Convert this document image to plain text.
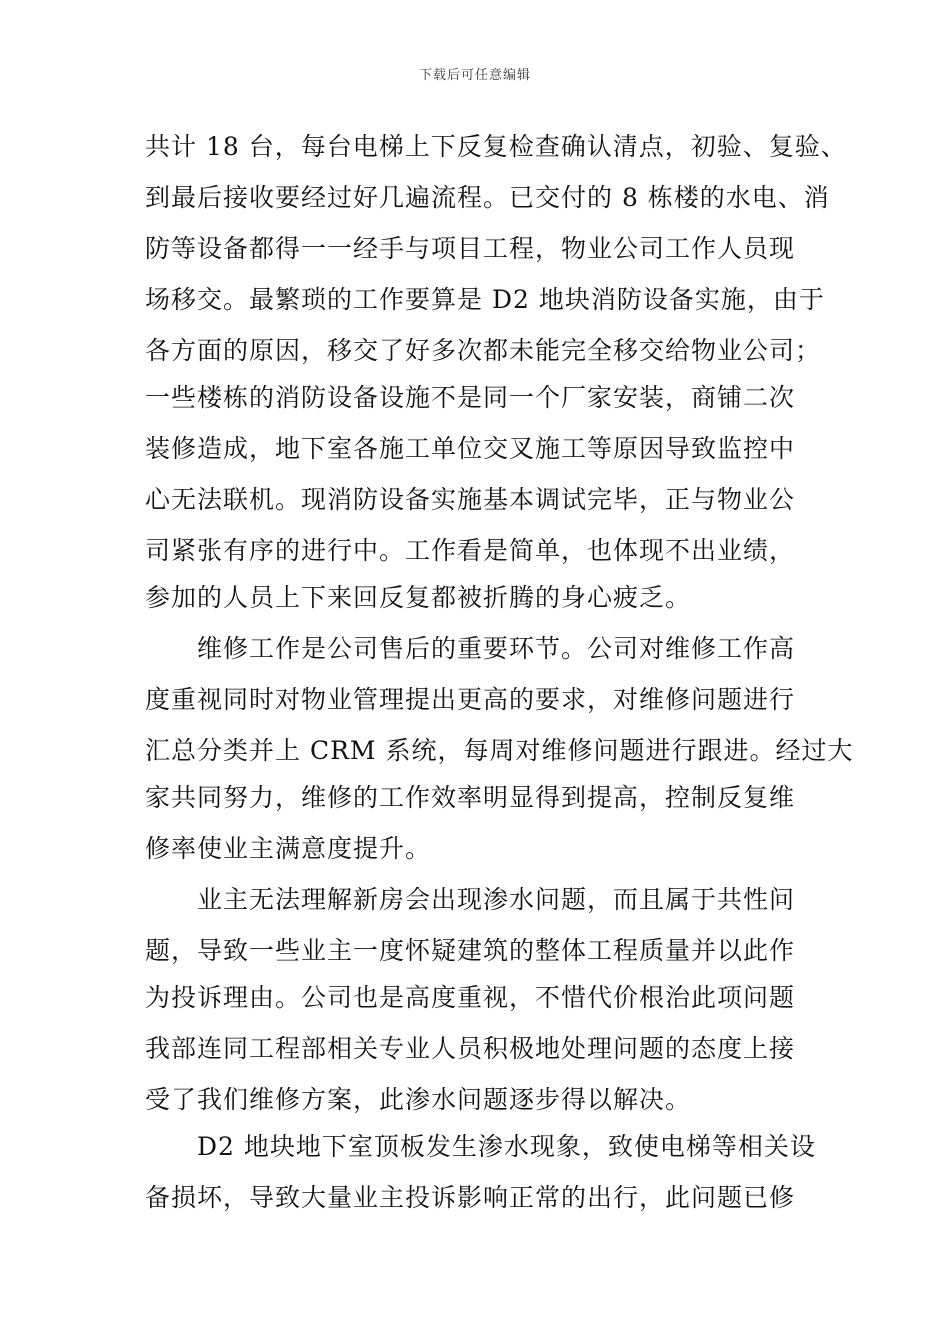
下载后可任意编辑
共计 18 台，每台电梯上下反复检查确认清点，初验、复验、
到最后接收要经过好几遍流程。已交付的 8 栋楼的水电、消
防等设备都得一一经手与项目工程，物业公司工作人员现
场移交。最繁琐的工作要算是 D2 地块消防设备实施，由于
各方面的原因，移交了好多次都未能完全移交给物业公司；
一些楼栋的消防设备设施不是同一个厂家安装，商铺二次
装修造成，地下室各施工单位交叉施工等原因导致监控中
心无法联机。现消防设备实施基本调试完毕，正与物业公
司紧张有序的进行中。工作看是简单，也体现不出业绩，
参加的人员上下来回反复都被折腾的身心疲乏。
　　维修工作是公司售后的重要环节。公司对维修工作高
度重视同时对物业管理提出更高的要求，对维修问题进行
汇总分类并上 CRM 系统，每周对维修问题进行跟进。经过大
家共同努力，维修的工作效率明显得到提高，控制反复维
修率使业主满意度提升。
　　业主无法理解新房会出现渗水问题，而且属于共性问
题，导致一些业主一度怀疑建筑的整体工程质量并以此作
为投诉理由。公司也是高度重视，不惜代价根治此项问题
我部连同工程部相关专业人员积极地处理问题的态度上接
受了我们维修方案，此渗水问题逐步得以解决。
　　D2 地块地下室顶板发生渗水现象，致使电梯等相关设
备损坏，导致大量业主投诉影响正常的出行，此问题已修
